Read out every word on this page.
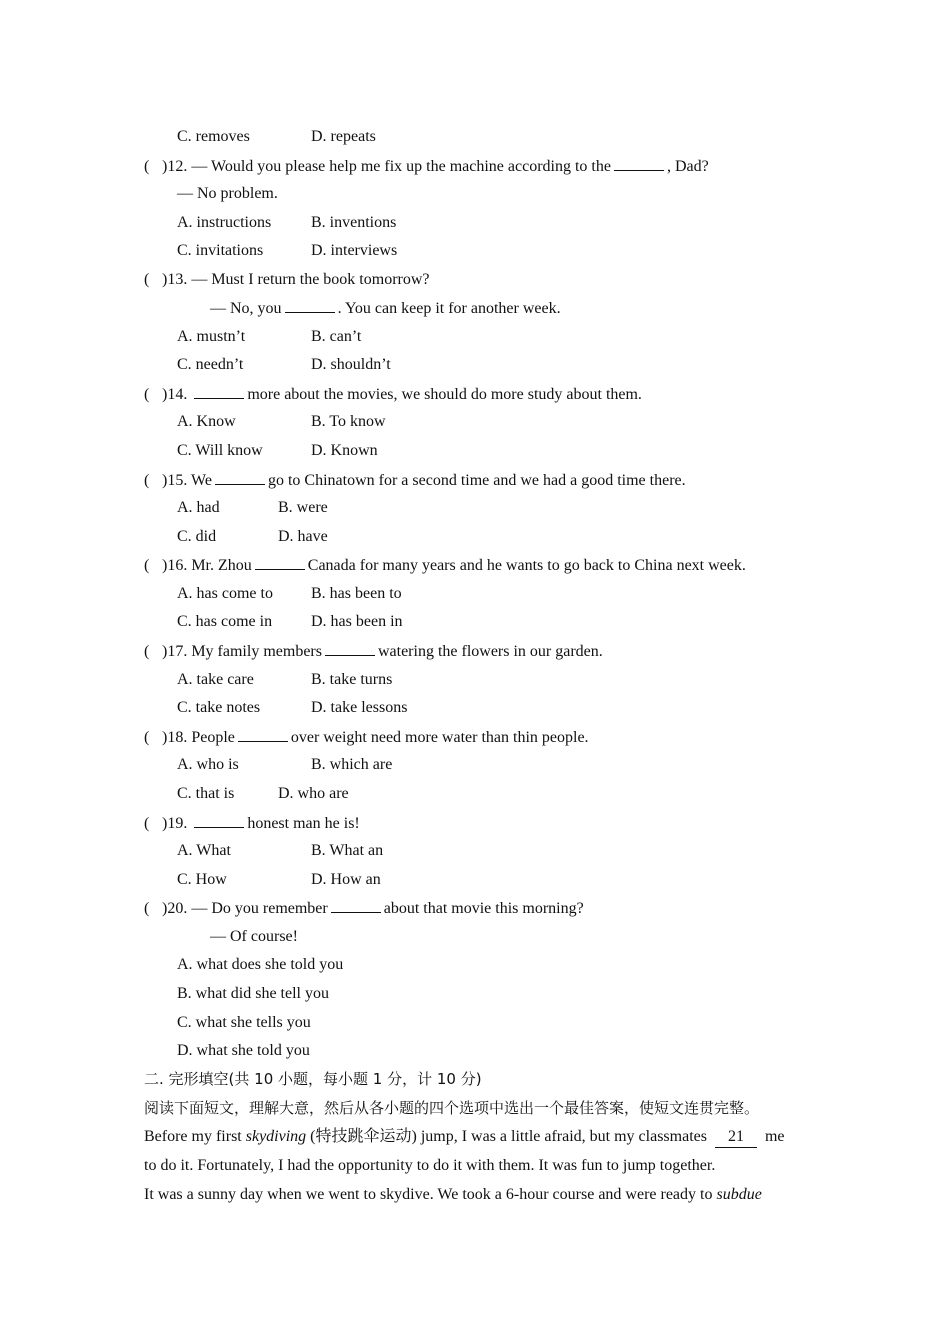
C. removes	D. repeats
( )12. — Would you please help me fix up the machine according to the	, Dad?
— No problem.
A. instructions B. inventions
C. invitations	D. interviews
( )13. — Must I return the book tomorrow?
— No, you	. You can keep it for another week.
A. mustn’t	B. can’t
C. needn’t	D. shouldn’t
( )14.	more about the movies, we should do more study about them.
A. Know	B. To know
C. Will know	D. Known
( )15. We	go to Chinatown for a second time and we had a good time there.
A. had	B. were
C. did	D. have
( )16. Mr. Zhou	Canada for many years and he wants to go back to China next week.
A. has come to B. has been to
C. has come in D. has been in
( )17. My family members	watering the flowers in our garden.
A. take care	B. take turns
C. take notes	D. take lessons
( )18. People	over weight need more water than thin people.
A. who is	B. which are
C. that is	D. who are
( )19.	honest man he is!
A. What	B. What an
C. How	D. How an
( )20. — Do you remember	about that movie this morning?
— Of course!
A. what does she told you
B. what did she tell you
C. what she tells you
D. what she told you
二. 完形填空(共 10 小题，每小题 1 分，计 10 分)
阅读下面短文，理解大意，然后从各小题的四个选项中选出一个最佳答案，使短文连贯完整。
Before my first skydiving (特技跳伞运动) jump, I was a little afraid, but my classmates 21 me
to do it. Fortunately, I had the opportunity to do it with them. It was fun to jump together.
It was a sunny day when we went to skydive. We took a 6-hour course and were ready to subdue
